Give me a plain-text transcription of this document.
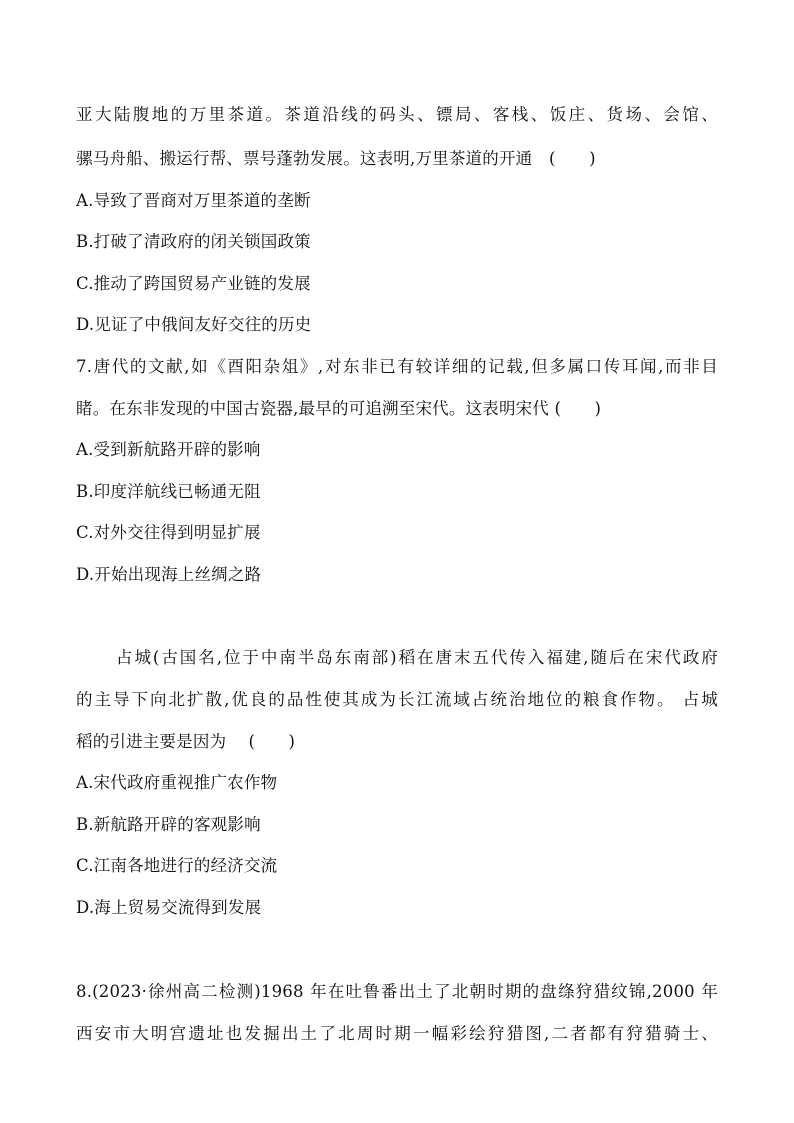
亚大陆腹地的万里茶道。茶道沿线的码头、镖局、客栈、饭庄、货场、会馆、
骡马舟船、搬运行帮、票号蓬勃发展。这表明,万里茶道的开通　(　　)
A.导致了晋商对万里茶道的垄断
B.打破了清政府的闭关锁国政策
C.推动了跨国贸易产业链的发展
D.见证了中俄间友好交往的历史
7.唐代的文献,如《酉阳杂俎》,对东非已有较详细的记载,但多属口传耳闻,而非目
睹。在东非发现的中国古瓷器,最早的可追溯至宋代。这表明宋代 (　　)
A.受到新航路开辟的影响
B.印度洋航线已畅通无阻
C.对外交往得到明显扩展
D.开始出现海上丝绸之路
占城(古国名,位于中南半岛东南部)稻在唐末五代传入福建,随后在宋代政府
的主导下向北扩散,优良的品性使其成为长江流域占统治地位的粮食作物。 占城
稻的引进主要是因为　 (　　)
A.宋代政府重视推广农作物
B.新航路开辟的客观影响
C.江南各地进行的经济交流
D.海上贸易交流得到发展
8.(2023·徐州高二检测)1968 年在吐鲁番出土了北朝时期的盘绦狩猎纹锦,2000 年
西安市大明宫遗址也发掘出土了北周时期一幅彩绘狩猎图,二者都有狩猎骑士、
